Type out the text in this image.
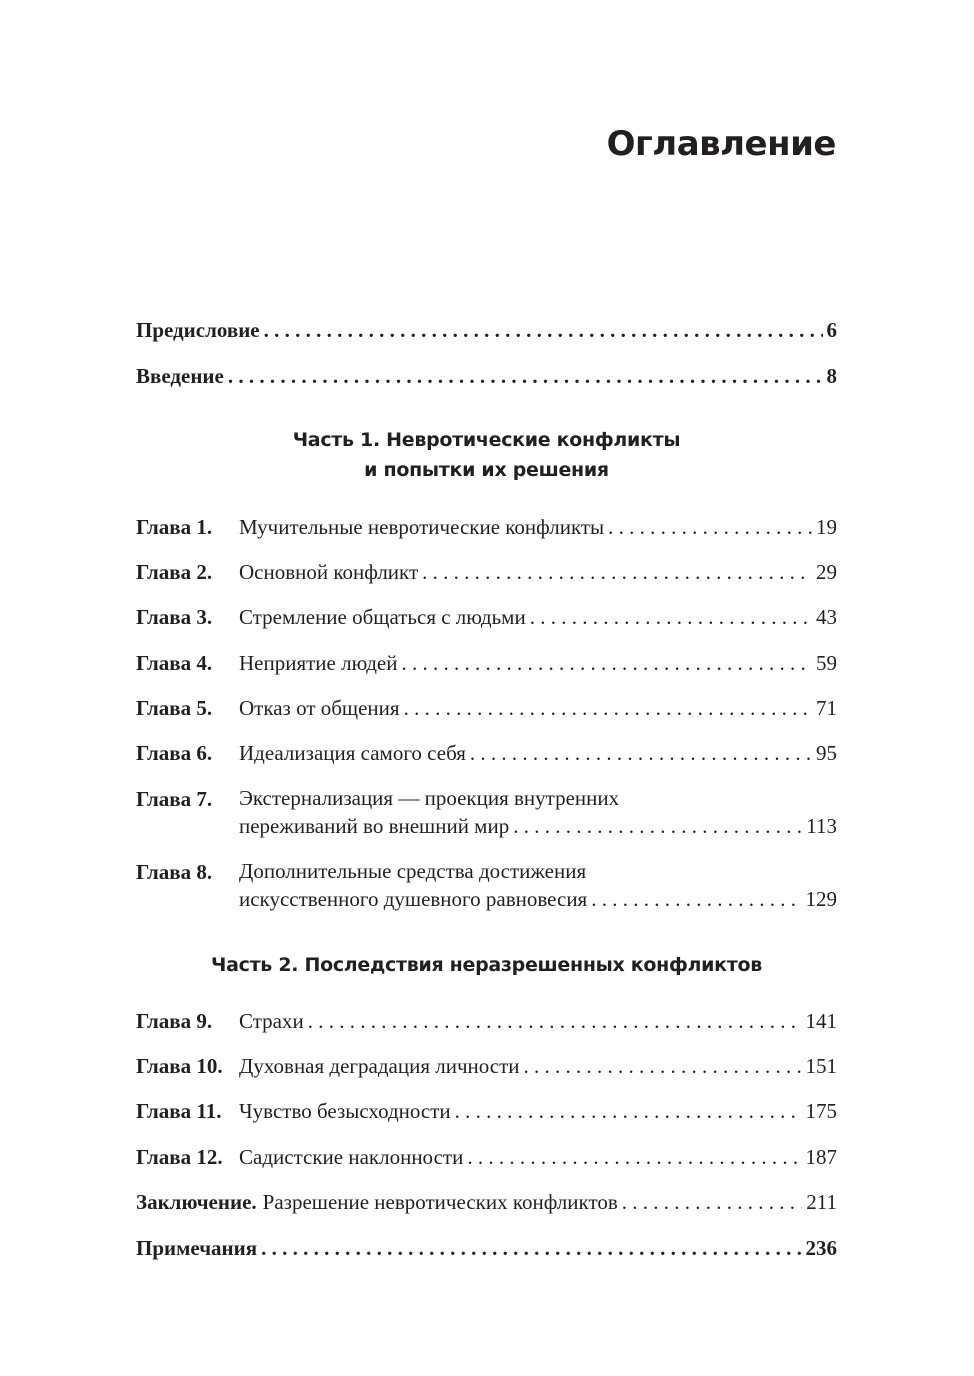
Оглавление
Предисловие . . .	6
Введение . . .	8
Часть 1. Невротические конфликты
и попытки их решения
Глава 1.	Мучительные невротические конфликты . . .	19
Глава 2.	Основной конфликт . . .	29
Глава 3.	Стремление общаться с людьми . . .	43
Глава 4.	Неприятие людей . . .	59
Глава 5.	Отказ от общения . . .	71
Глава 6.	Идеализация самого себя . . .	95
Глава 7.	Экстернализация — проекция внутренних
переживаний во внешний мир . . .	113
Глава 8.	Дополнительные средства достижения
искусственного душевного равновесия . . .	129
Часть 2. Последствия неразрешенных конфликтов
Глава 9.	Страхи . . .	141
Глава 10. Духовная деградация личности . . .	151
Глава 11. Чувство безысходности . . .	175
Глава 12. Садистские наклонности . . .	187
Заключение. Разрешение невротических конфликтов . . .	211
Примечания . . .	236
